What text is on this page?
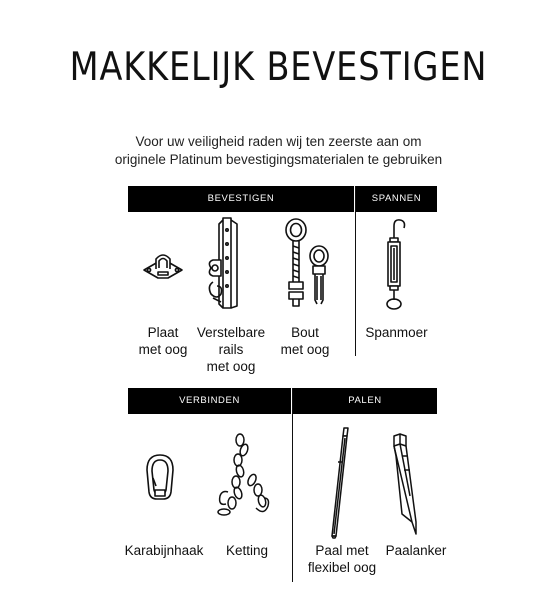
MAKKELIJK BEVESTIGEN
Voor uw veiligheid raden wij ten zeerste aan om
originele Platinum bevestigingsmaterialen te gebruiken
BEVESTIGEN	SPANNEN
VERBINDEN	PALEN
Plaat
met oog
Verstelbare
rails
met oog
Bout
met oog
Spanmoer
Karabijnhaak	Ketting	Paal met
flexibel oog
Paalanker
